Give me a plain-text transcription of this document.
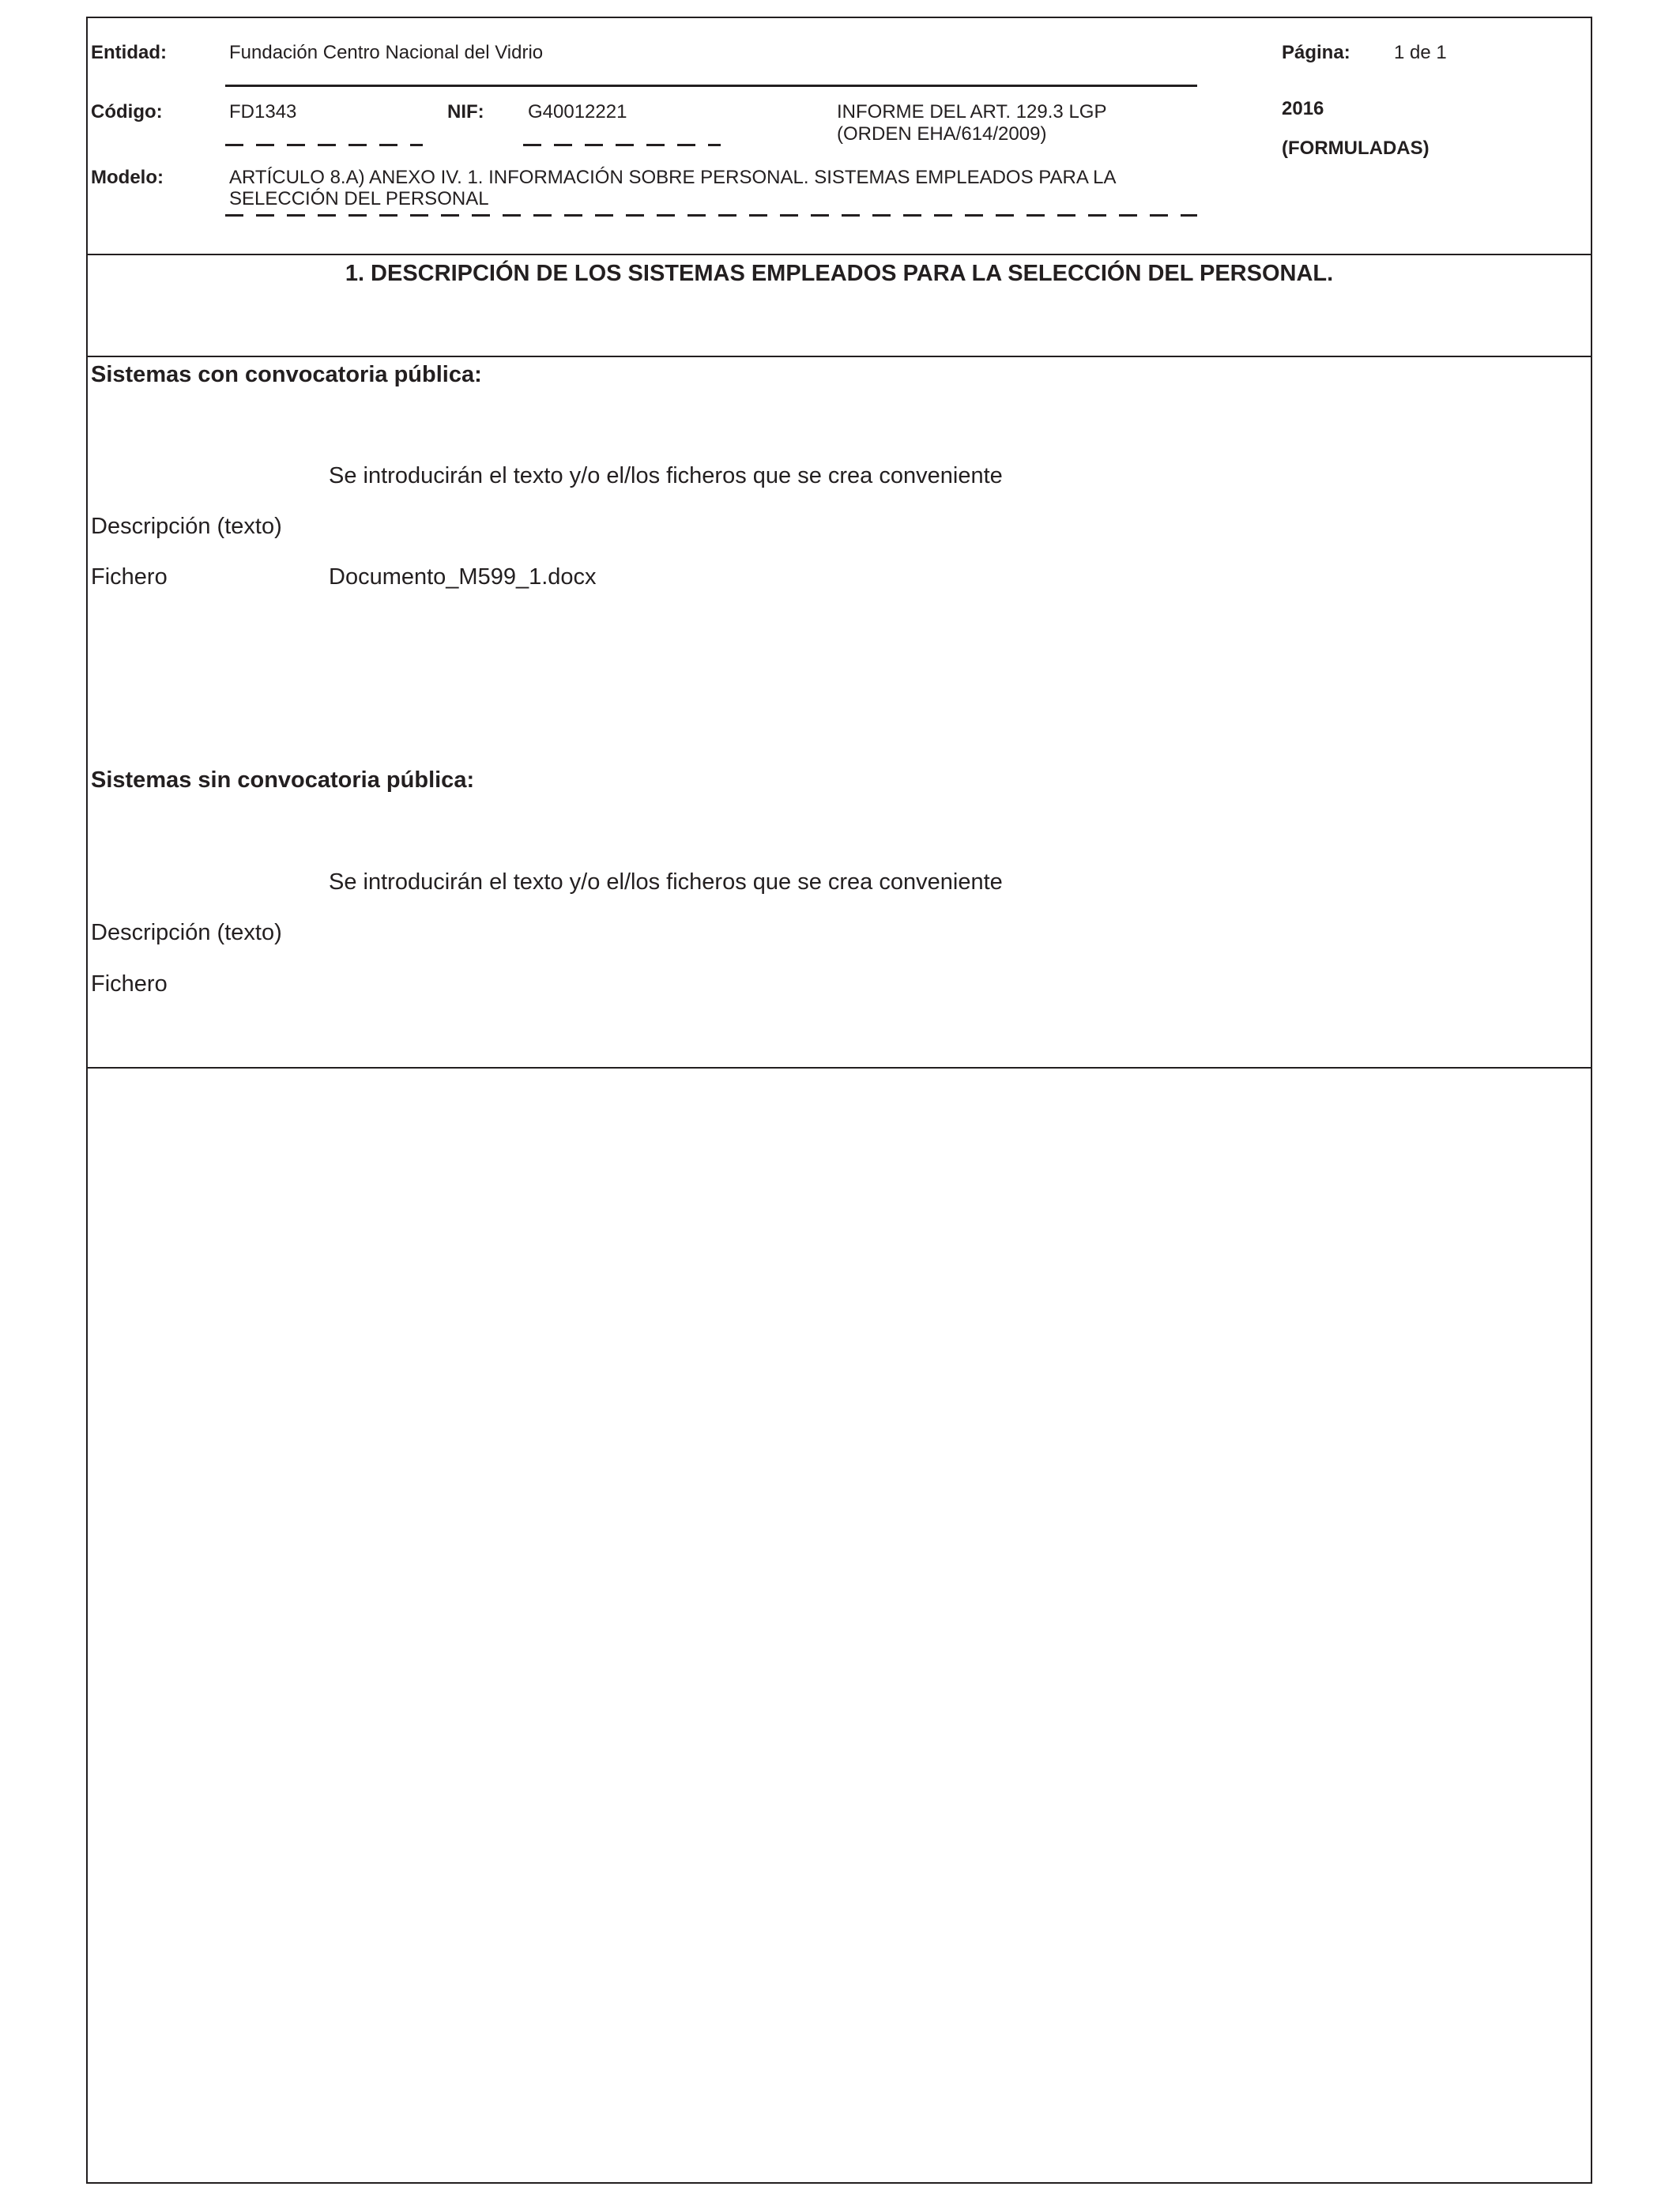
Entidad:	Fundación Centro Nacional del Vidrio	Página: 1 de 1
Código:	FD1343	NIF: G40012221	INFORME DEL ART. 129.3 LGP
(ORDEN EHA/614/2009)
2016
(FORMULADAS)
Modelo:	ARTÍCULO 8.A) ANEXO IV. 1. INFORMACIÓN SOBRE PERSONAL. SISTEMAS EMPLEADOS PARA LA
SELECCIÓN DEL PERSONAL
1. DESCRIPCIÓN DE LOS SISTEMAS EMPLEADOS PARA LA SELECCIÓN DEL PERSONAL.
Sistemas con convocatoria pública:
Se introducirán el texto y/o el/los ficheros que se crea conveniente
Descripción (texto)
Fichero	Documento_M599_1.docx
Sistemas sin convocatoria pública:
Se introducirán el texto y/o el/los ficheros que se crea conveniente
Descripción (texto)
Fichero
